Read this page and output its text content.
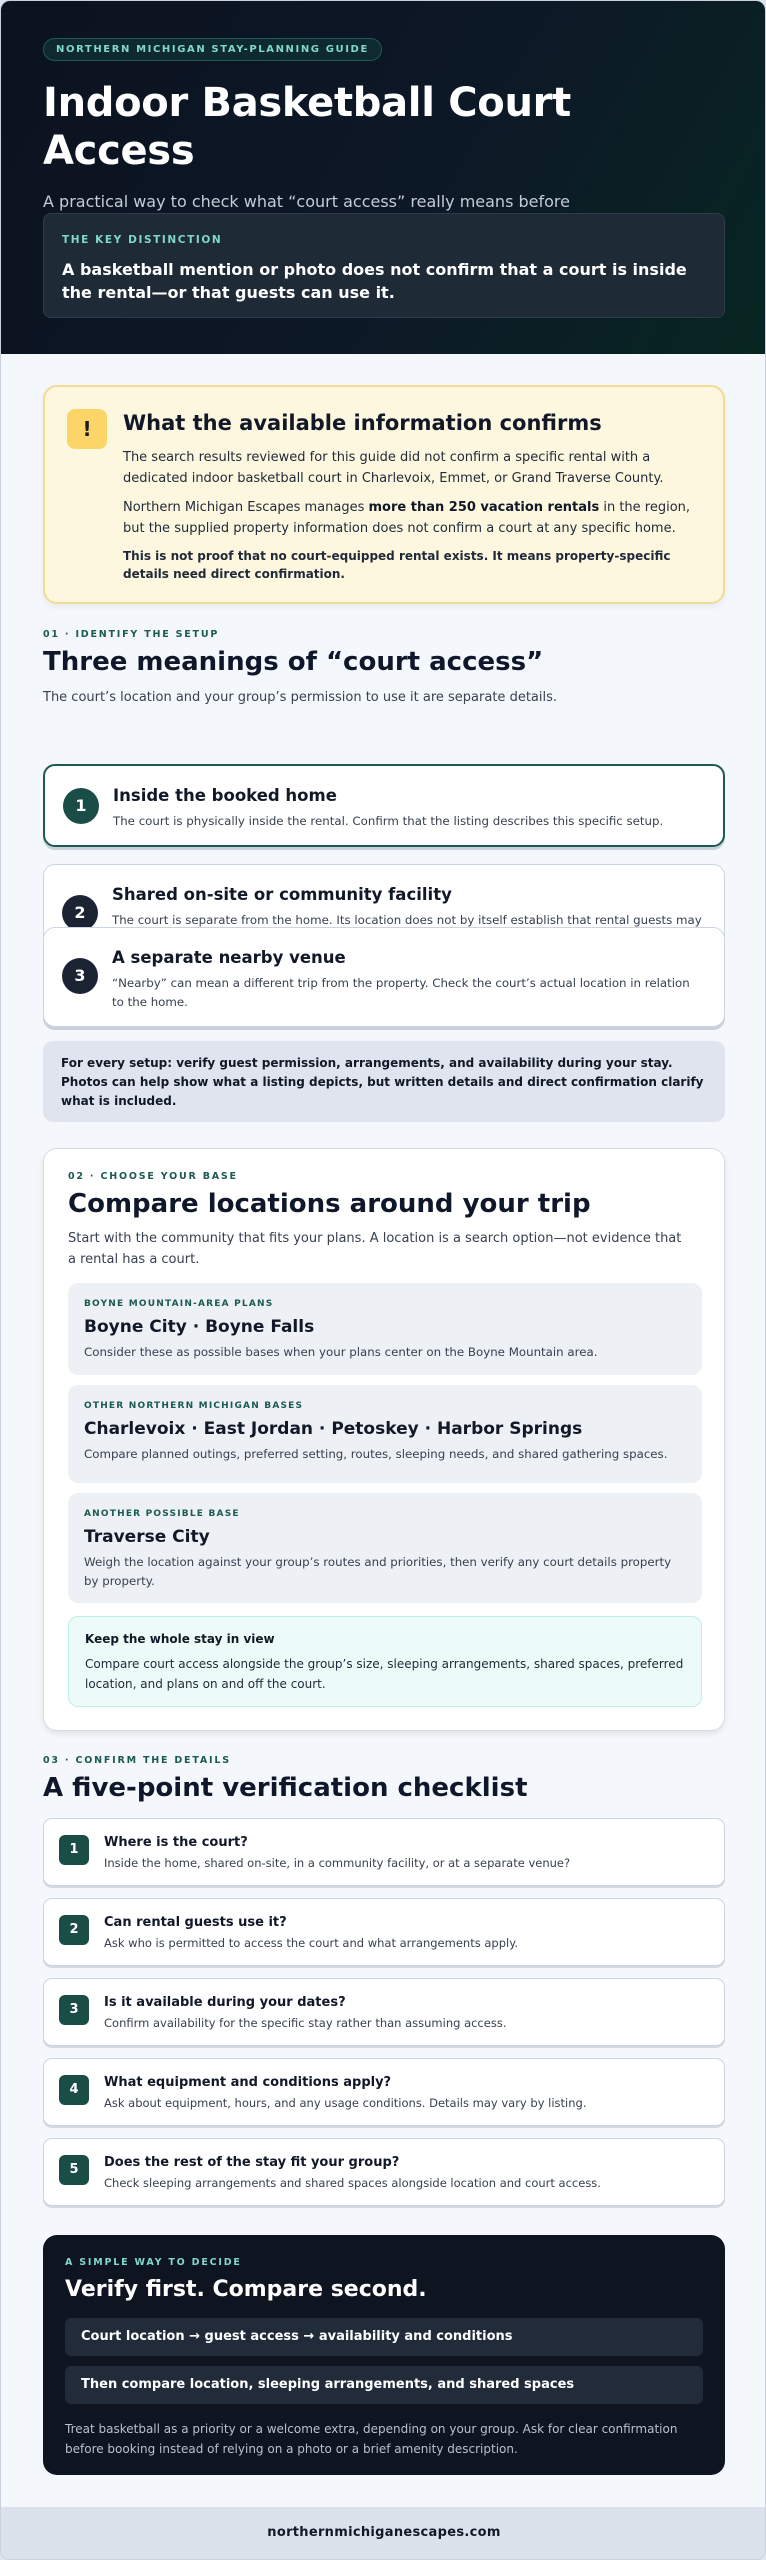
NORTHERN MICHIGAN STAY-PLANNING GUIDE
Indoor Basketball Court Access

A practical way to check what “court access” really means before

THE KEY DISTINCTION
A basketball mention or photo does not confirm that a court is inside the rental—or that guests can use it.
!	What the available information confirms

The search results reviewed for this guide did not confirm a specific rental with a dedicated indoor basketball court in Charlevoix, Emmet, or Grand Traverse County.

Northern Michigan Escapes manages more than 250 vacation rentals in the region, but the supplied property information does not confirm a court at any specific home.

This is not proof that no court-equipped rental exists. It means property-specific details need direct confirmation.

01 · IDENTIFY THE SETUP
Three meanings of “court access”

The court’s location and your group’s permission to use it are separate details.

1
Inside the booked home
The court is physically inside the rental. Confirm that the listing describes this specific setup.
2
Shared on-site or community facility
The court is separate from the home. Its location does not by itself establish that rental guests may
3
A separate nearby venue
“Nearby” can mean a different trip from the property. Check the court’s actual location in relation to the home.
For every setup: verify guest permission, arrangements, and availability during your stay. Photos can help show what a listing depicts, but written details and direct confirmation clarify what is included.
02 · CHOOSE YOUR BASE
Compare locations around your trip

Start with the community that fits your plans. A location is a search option—not evidence that a rental has a court.

BOYNE MOUNTAIN-AREA PLANS
Boyne City · Boyne Falls
Consider these as possible bases when your plans center on the Boyne Mountain area.
OTHER NORTHERN MICHIGAN BASES
Charlevoix · East Jordan · Petoskey · Harbor Springs
Compare planned outings, preferred setting, routes, sleeping needs, and shared gathering spaces.
ANOTHER POSSIBLE BASE
Traverse City
Weigh the location against your group’s routes and priorities, then verify any court details property by property.
Keep the whole stay in view
Compare court access alongside the group’s size, sleeping arrangements, shared spaces, preferred location, and plans on and off the court.
03 · CONFIRM THE DETAILS
A five-point verification checklist
1	Where is the court?
Inside the home, shared on-site, in a community facility, or at a separate venue?
2	Can rental guests use it?
Ask who is permitted to access the court and what arrangements apply.
3	Is it available during your dates?
Confirm availability for the specific stay rather than assuming access.
4	What equipment and conditions apply?
Ask about equipment, hours, and any usage conditions. Details may vary by listing.
5	Does the rest of the stay fit your group?
Check sleeping arrangements and shared spaces alongside location and court access.
A SIMPLE WAY TO DECIDE
Verify first. Compare second.
Court location → guest access → availability and conditions
Then compare location, sleeping arrangements, and shared spaces

Treat basketball as a priority or a welcome extra, depending on your group. Ask for clear confirmation before booking instead of relying on a photo or a brief amenity description.

northernmichiganescapes.com
